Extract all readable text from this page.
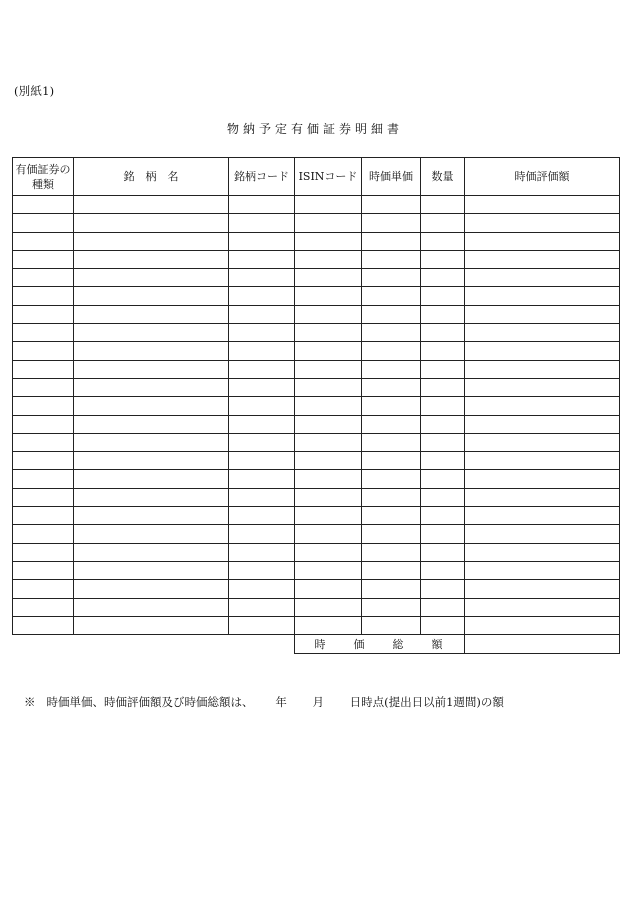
(別紙1)
物納予定有価証券明細書
有価証券の種類	銘　柄　名	銘柄コード	ISINコード	時価単価	数量	時価評価額

			時　　価　　総　　額			
※ 時価単価、時価評価額及び時価総額は、 年 月 日時点(提出日以前1週間)の額
